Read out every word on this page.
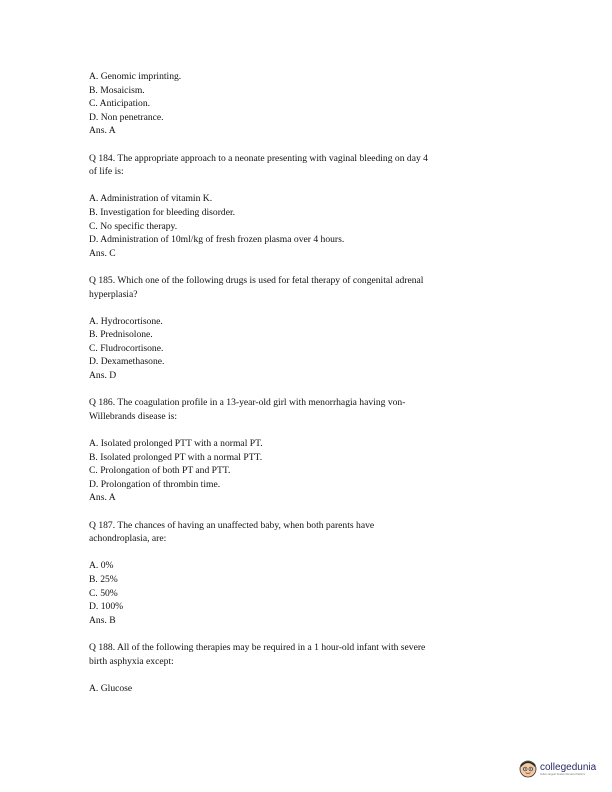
A. Genomic imprinting.
B. Mosaicism.
C. Anticipation.
D. Non penetrance.
Ans. A
Q 184. The appropriate approach to a neonate presenting with vaginal bleeding on day 4
of life is:
A. Administration of vitamin K.
B. Investigation for bleeding disorder.
C. No specific therapy.
D. Administration of 10ml/kg of fresh frozen plasma over 4 hours.
Ans. C
Q 185. Which one of the following drugs is used for fetal therapy of congenital adrenal
hyperplasia?
A. Hydrocortisone.
B. Prednisolone.
C. Fludrocortisone.
D. Dexamethasone.
Ans. D
Q 186. The coagulation profile in a 13-year-old girl with menorrhagia having von-
Willebrands disease is:
A. Isolated prolonged PTT with a normal PT.
B. Isolated prolonged PT with a normal PTT.
C. Prolongation of both PT and PTT.
D. Prolongation of thrombin time.
Ans. A
Q 187. The chances of having an unaffected baby, when both parents have
achondroplasia, are:
A. 0%
B. 25%
C. 50%
D. 100%
Ans. B
Q 188. All of the following therapies may be required in a 1 hour-old infant with severe
birth asphyxia except:
A. Glucose
collegedunia
India's largest Student Review Platform
